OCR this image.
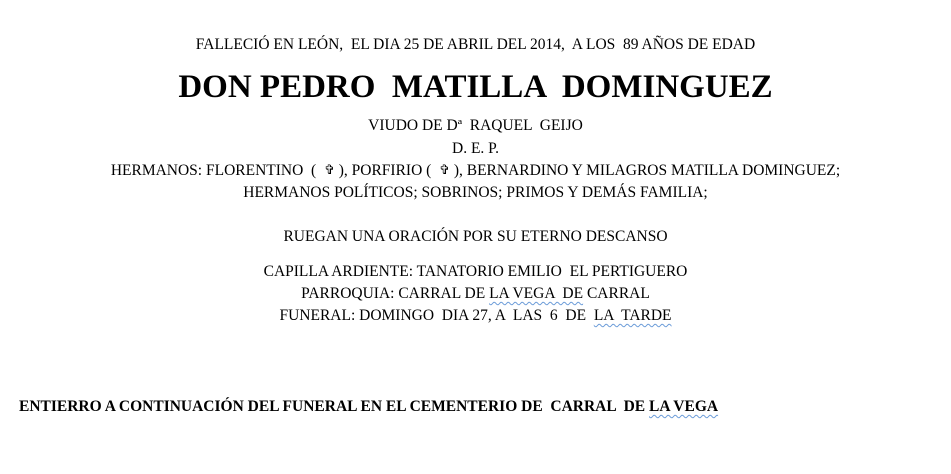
FALLECIÓ EN LEÓN,  EL DIA 25 DE ABRIL DEL 2014,  A LOS  89 AÑOS DE EDAD
DON PEDRO  MATILLA  DOMINGUEZ
VIUDO DE Dª  RAQUEL  GEIJO
D. E. P.
HERMANOS: FLORENTINO  (  ✞ ), PORFIRIO (  ✞ ), BERNARDINO Y MILAGROS MATILLA DOMINGUEZ;
HERMANOS POLÍTICOS; SOBRINOS; PRIMOS Y DEMÁS FAMILIA;
RUEGAN UNA ORACIÓN POR SU ETERNO DESCANSO
CAPILLA ARDIENTE: TANATORIO EMILIO  EL PERTIGUERO
PARROQUIA: CARRAL DE LA VEGA  DE CARRAL
FUNERAL: DOMINGO  DIA 27, A  LAS  6  DE  LA  TARDE
ENTIERRO A CONTINUACIÓN DEL FUNERAL EN EL CEMENTERIO DE  CARRAL  DE LA VEGA
